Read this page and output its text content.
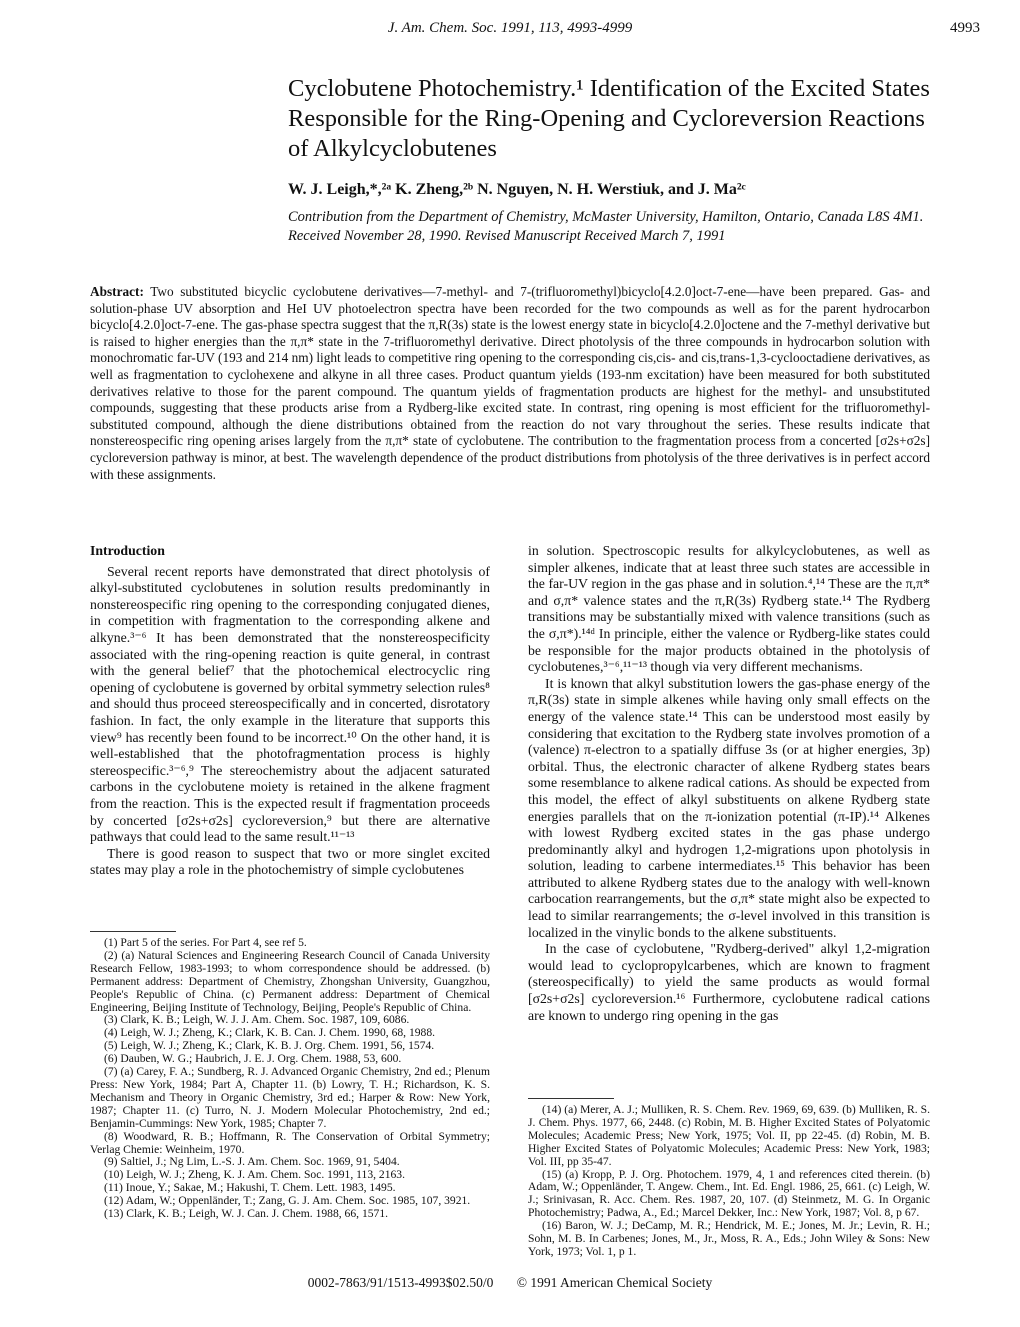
J. Am. Chem. Soc. 1991, 113, 4993-4999	4993
Cyclobutene Photochemistry.¹ Identification of the Excited States Responsible for the Ring-Opening and Cycloreversion Reactions of Alkylcyclobutenes
W. J. Leigh,*,²ᵃ K. Zheng,²ᵇ N. Nguyen, N. H. Werstiuk, and J. Ma²ᶜ
Contribution from the Department of Chemistry, McMaster University, Hamilton, Ontario, Canada L8S 4M1. Received November 28, 1990. Revised Manuscript Received March 7, 1991
Abstract: Two substituted bicyclic cyclobutene derivatives—7-methyl- and 7-(trifluoromethyl)bicyclo[4.2.0]oct-7-ene—have been prepared. Gas- and solution-phase UV absorption and HeI UV photoelectron spectra have been recorded for the two compounds as well as for the parent hydrocarbon bicyclo[4.2.0]oct-7-ene. The gas-phase spectra suggest that the π,R(3s) state is the lowest energy state in bicyclo[4.2.0]octene and the 7-methyl derivative but is raised to higher energies than the π,π* state in the 7-trifluoromethyl derivative. Direct photolysis of the three compounds in hydrocarbon solution with monochromatic far-UV (193 and 214 nm) light leads to competitive ring opening to the corresponding cis,cis- and cis,trans-1,3-cyclooctadiene derivatives, as well as fragmentation to cyclohexene and alkyne in all three cases. Product quantum yields (193-nm excitation) have been measured for both substituted derivatives relative to those for the parent compound. The quantum yields of fragmentation products are highest for the methyl- and unsubstituted compounds, suggesting that these products arise from a Rydberg-like excited state. In contrast, ring opening is most efficient for the trifluoromethyl-substituted compound, although the diene distributions obtained from the reaction do not vary throughout the series. These results indicate that nonstereospecific ring opening arises largely from the π,π* state of cyclobutene. The contribution to the fragmentation process from a concerted [σ2s+σ2s] cycloreversion pathway is minor, at best. The wavelength dependence of the product distributions from photolysis of the three derivatives is in perfect accord with these assignments.
Introduction

Several recent reports have demonstrated that direct photolysis of alkyl-substituted cyclobutenes in solution results predominantly in nonstereospecific ring opening to the corresponding conjugated dienes, in competition with fragmentation to the corresponding alkene and alkyne.³⁻⁶ It has been demonstrated that the nonstereospecificity associated with the ring-opening reaction is quite general, in contrast with the general belief⁷ that the photochemical electrocyclic ring opening of cyclobutene is governed by orbital symmetry selection rules⁸ and should thus proceed stereospecifically and in concerted, disrotatory fashion. In fact, the only example in the literature that supports this view⁹ has recently been found to be incorrect.¹⁰ On the other hand, it is well-established that the photofragmentation process is highly stereospecific.³⁻⁶,⁹ The stereochemistry about the adjacent saturated carbons in the cyclobutene moiety is retained in the alkene fragment from the reaction. This is the expected result if fragmentation proceeds by concerted [σ2s+σ2s] cycloreversion,⁹ but there are alternative pathways that could lead to the same result.¹¹⁻¹³

There is good reason to suspect that two or more singlet excited states may play a role in the photochemistry of simple cyclobutenes

in solution. Spectroscopic results for alkylcyclobutenes, as well as simpler alkenes, indicate that at least three such states are accessible in the far-UV region in the gas phase and in solution.⁴,¹⁴ These are the π,π* and σ,π* valence states and the π,R(3s) Rydberg state.¹⁴ The Rydberg transitions may be substantially mixed with valence transitions (such as the σ,π*).¹⁴ᵈ In principle, either the valence or Rydberg-like states could be responsible for the major products obtained in the photolysis of cyclobutenes,³⁻⁶,¹¹⁻¹³ though via very different mechanisms.

It is known that alkyl substitution lowers the gas-phase energy of the π,R(3s) state in simple alkenes while having only small effects on the energy of the valence state.¹⁴ This can be understood most easily by considering that excitation to the Rydberg state involves promotion of a (valence) π-electron to a spatially diffuse 3s (or at higher energies, 3p) orbital. Thus, the electronic character of alkene Rydberg states bears some resemblance to alkene radical cations. As should be expected from this model, the effect of alkyl substituents on alkene Rydberg state energies parallels that on the π-ionization potential (π-IP).¹⁴ Alkenes with lowest Rydberg excited states in the gas phase undergo predominantly alkyl and hydrogen 1,2-migrations upon photolysis in solution, leading to carbene intermediates.¹⁵ This behavior has been attributed to alkene Rydberg states due to the analogy with well-known carbocation rearrangements, but the σ,π* state might also be expected to lead to similar rearrangements; the σ-level involved in this transition is localized in the vinylic bonds to the alkene substituents.

In the case of cyclobutene, "Rydberg-derived" alkyl 1,2-migration would lead to cyclopropylcarbenes, which are known to fragment (stereospecifically) to yield the same products as would formal [σ2s+σ2s] cycloreversion.¹⁶ Furthermore, cyclobutene radical cations are known to undergo ring opening in the gas

(1) Part 5 of the series. For Part 4, see ref 5.

(2) (a) Natural Sciences and Engineering Research Council of Canada University Research Fellow, 1983-1993; to whom correspondence should be addressed. (b) Permanent address: Department of Chemistry, Zhongshan University, Guangzhou, People's Republic of China. (c) Permanent address: Department of Chemical Engineering, Beijing Institute of Technology, Beijing, People's Republic of China.

(3) Clark, K. B.; Leigh, W. J. J. Am. Chem. Soc. 1987, 109, 6086.

(4) Leigh, W. J.; Zheng, K.; Clark, K. B. Can. J. Chem. 1990, 68, 1988.

(5) Leigh, W. J.; Zheng, K.; Clark, K. B. J. Org. Chem. 1991, 56, 1574.

(6) Dauben, W. G.; Haubrich, J. E. J. Org. Chem. 1988, 53, 600.

(7) (a) Carey, F. A.; Sundberg, R. J. Advanced Organic Chemistry, 2nd ed.; Plenum Press: New York, 1984; Part A, Chapter 11. (b) Lowry, T. H.; Richardson, K. S. Mechanism and Theory in Organic Chemistry, 3rd ed.; Harper & Row: New York, 1987; Chapter 11. (c) Turro, N. J. Modern Molecular Photochemistry, 2nd ed.; Benjamin-Cummings: New York, 1985; Chapter 7.

(8) Woodward, R. B.; Hoffmann, R. The Conservation of Orbital Symmetry; Verlag Chemie: Weinheim, 1970.

(9) Saltiel, J.; Ng Lim, L.-S. J. Am. Chem. Soc. 1969, 91, 5404.

(10) Leigh, W. J.; Zheng, K. J. Am. Chem. Soc. 1991, 113, 2163.

(11) Inoue, Y.; Sakae, M.; Hakushi, T. Chem. Lett. 1983, 1495.

(12) Adam, W.; Oppenländer, T.; Zang, G. J. Am. Chem. Soc. 1985, 107, 3921.

(13) Clark, K. B.; Leigh, W. J. Can. J. Chem. 1988, 66, 1571.

(14) (a) Merer, A. J.; Mulliken, R. S. Chem. Rev. 1969, 69, 639. (b) Mulliken, R. S. J. Chem. Phys. 1977, 66, 2448. (c) Robin, M. B. Higher Excited States of Polyatomic Molecules; Academic Press; New York, 1975; Vol. II, pp 22-45. (d) Robin, M. B. Higher Excited States of Polyatomic Molecules; Academic Press: New York, 1983; Vol. III, pp 35-47.

(15) (a) Kropp, P. J. Org. Photochem. 1979, 4, 1 and references cited therein. (b) Adam, W.; Oppenländer, T. Angew. Chem., Int. Ed. Engl. 1986, 25, 661. (c) Leigh, W. J.; Srinivasan, R. Acc. Chem. Res. 1987, 20, 107. (d) Steinmetz, M. G. In Organic Photochemistry; Padwa, A., Ed.; Marcel Dekker, Inc.: New York, 1987; Vol. 8, p 67.

(16) Baron, W. J.; DeCamp, M. R.; Hendrick, M. E.; Jones, M. Jr.; Levin, R. H.; Sohn, M. B. In Carbenes; Jones, M., Jr., Moss, R. A., Eds.; John Wiley & Sons: New York, 1973; Vol. 1, p 1.

0002-7863/91/1513-4993$02.50/0 © 1991 American Chemical Society
